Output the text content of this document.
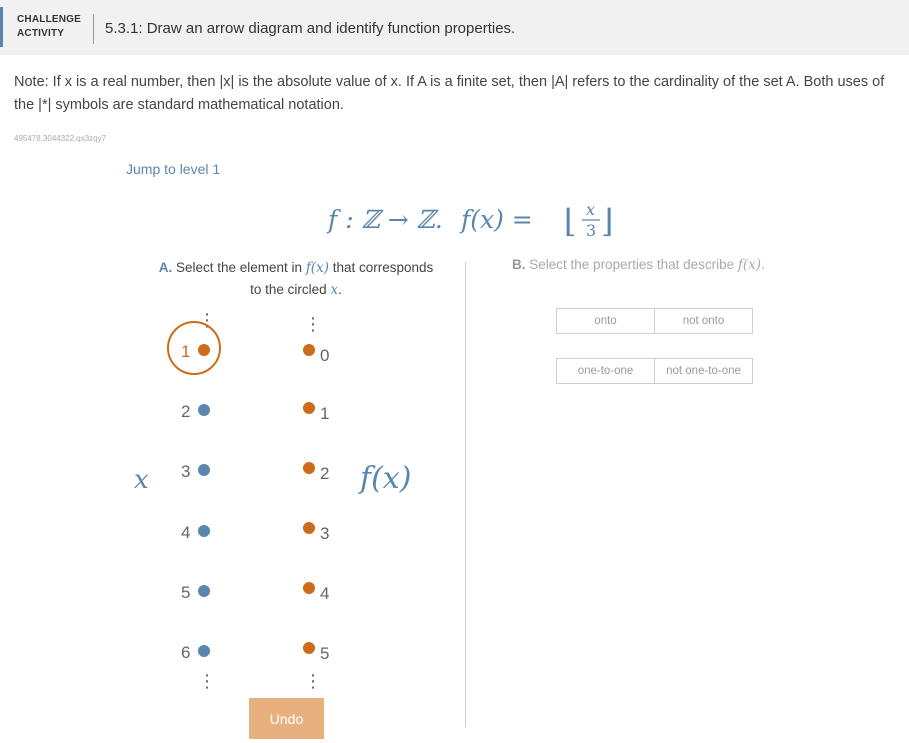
CHALLENGE
ACTIVITY	5.3.1: Draw an arrow diagram and identify function properties.
Note: If x is a real number, then |x| is the absolute value of x. If A is a finite set, then |A| refers to the cardinality of the set A. Both uses of the |*| symbols are standard mathematical notation.
495478.3044322.qx3zqy7
Jump to level 1
f : ℤ → ℤ. f(x) = ⌊ x
3 ⌋
A. Select the element in f(x) that corresponds
to the circled x.
B. Select the properties that describe f(x).
onto	not onto
one-to-one	not one-to-one
⋮
⋮
⋮
⋮
x	f(x)
1
2
3
4
5
6
0
1
2
3
4
5
Undo
